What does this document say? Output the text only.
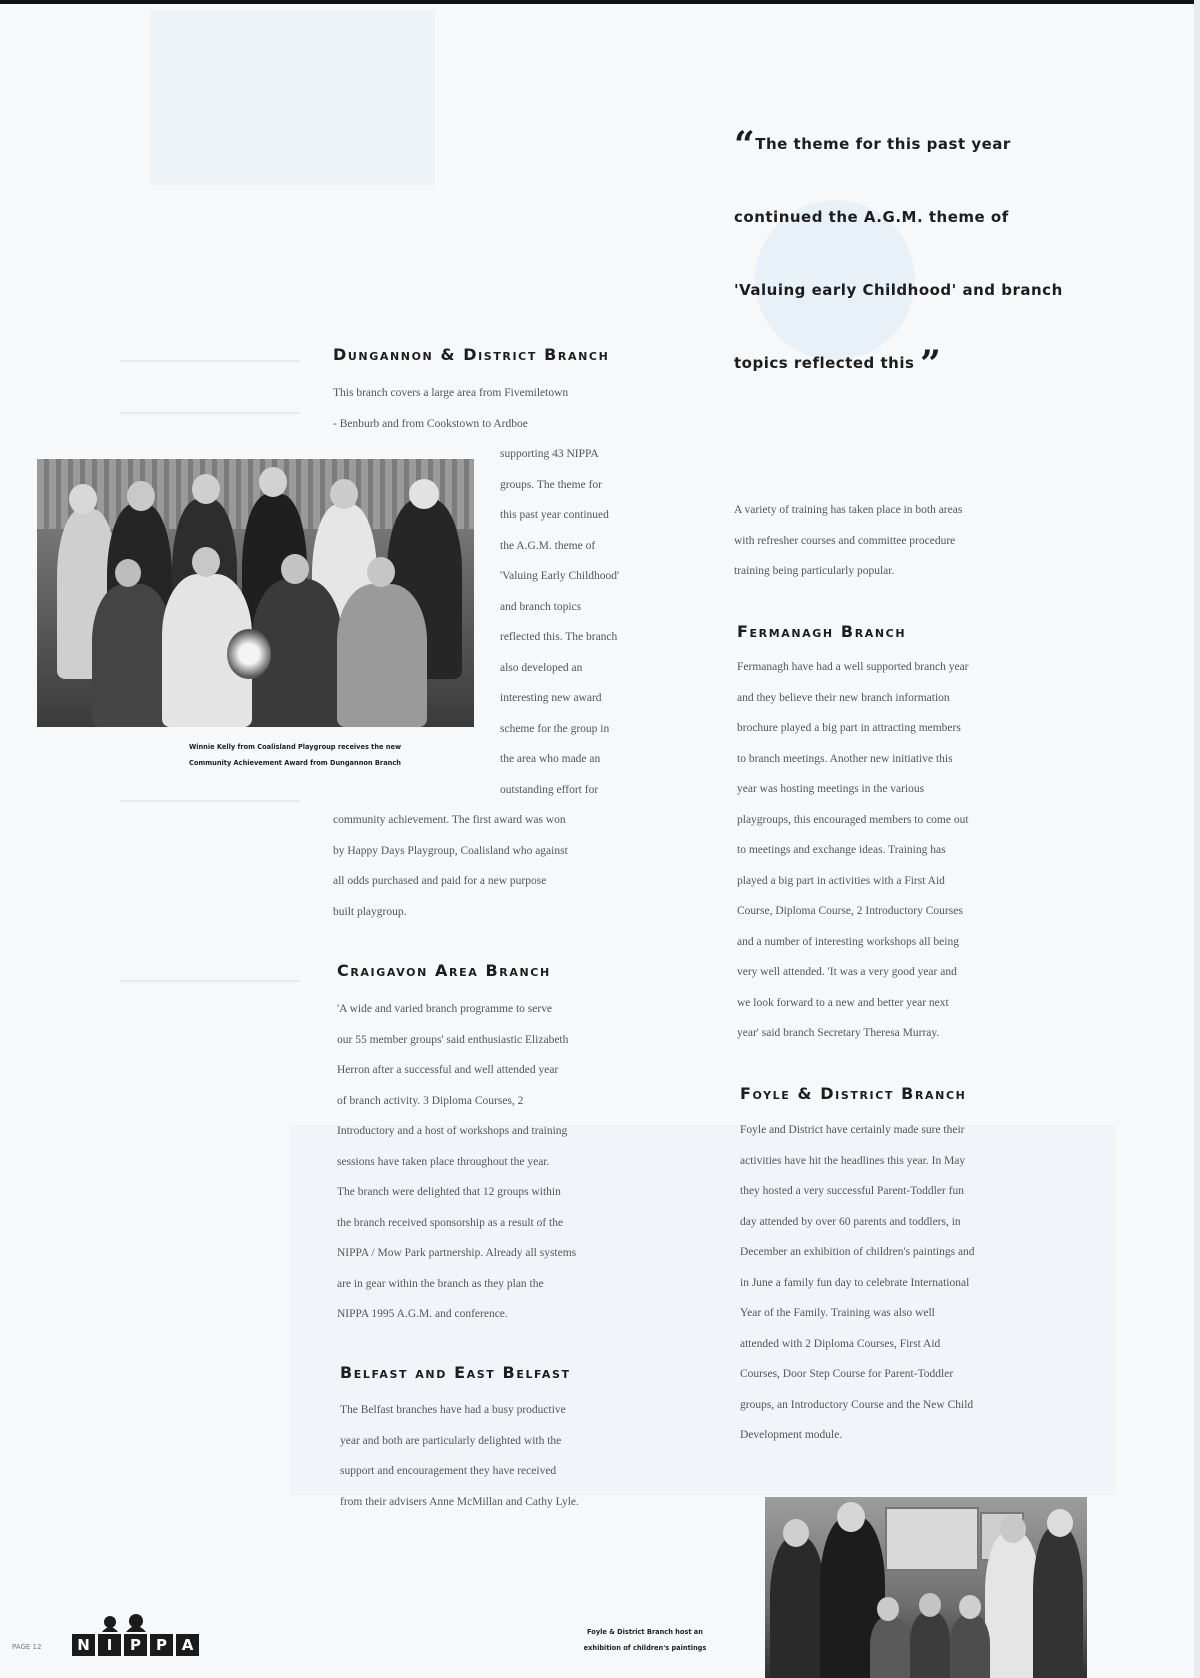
“The theme for this past year continued the A.G.M. theme of 'Valuing early Childhood' and branch topics reflected this ”
Dungannon & District Branch
This branch covers a large area from Fivemiletown
- Benburb and from Cookstown to Ardboe
supporting 43 NIPPA
groups. The theme for
this past year continued
the A.G.M. theme of
'Valuing Early Childhood'
and branch topics
reflected this. The branch
also developed an
interesting new award
scheme for the group in
the area who made an
outstanding effort for
community achievement. The first award was won
by Happy Days Playgroup, Coalisland who against
all odds purchased and paid for a new purpose
built playgroup.
Winnie Kelly from Coalisland Playgroup receives the new
Community Achievement Award from Dungannon Branch
Craigavon Area Branch
'A wide and varied branch programme to serve
our 55 member groups' said enthusiastic Elizabeth
Herron after a successful and well attended year
of branch activity. 3 Diploma Courses, 2
Introductory and a host of workshops and training
sessions have taken place throughout the year.
The branch were delighted that 12 groups within
the branch received sponsorship as a result of the
NIPPA / Mow Park partnership. Already all systems
are in gear within the branch as they plan the
NIPPA 1995 A.G.M. and conference.
Belfast and East Belfast
The Belfast branches have had a busy productive
year and both are particularly delighted with the
support and encouragement they have received
from their advisers Anne McMillan and Cathy Lyle.
A variety of training has taken place in both areas
with refresher courses and committee procedure
training being particularly popular.
Fermanagh Branch
Fermanagh have had a well supported branch year
and they believe their new branch information
brochure played a big part in attracting members
to branch meetings. Another new initiative this
year was hosting meetings in the various
playgroups, this encouraged members to come out
to meetings and exchange ideas. Training has
played a big part in activities with a First Aid
Course, Diploma Course, 2 Introductory Courses
and a number of interesting workshops all being
very well attended. 'It was a very good year and
we look forward to a new and better year next
year' said branch Secretary Theresa Murray.
Foyle & District Branch
Foyle and District have certainly made sure their
activities have hit the headlines this year. In May
they hosted a very successful Parent-Toddler fun
day attended by over 60 parents and toddlers, in
December an exhibition of children's paintings and
in June a family fun day to celebrate International
Year of the Family. Training was also well
attended with 2 Diploma Courses, First Aid
Courses, Door Step Course for Parent-Toddler
groups, an Introductory Course and the New Child
Development module.
Foyle & District Branch host an
exhibition of children's paintings
PAGE 12	N	I	P	P A
